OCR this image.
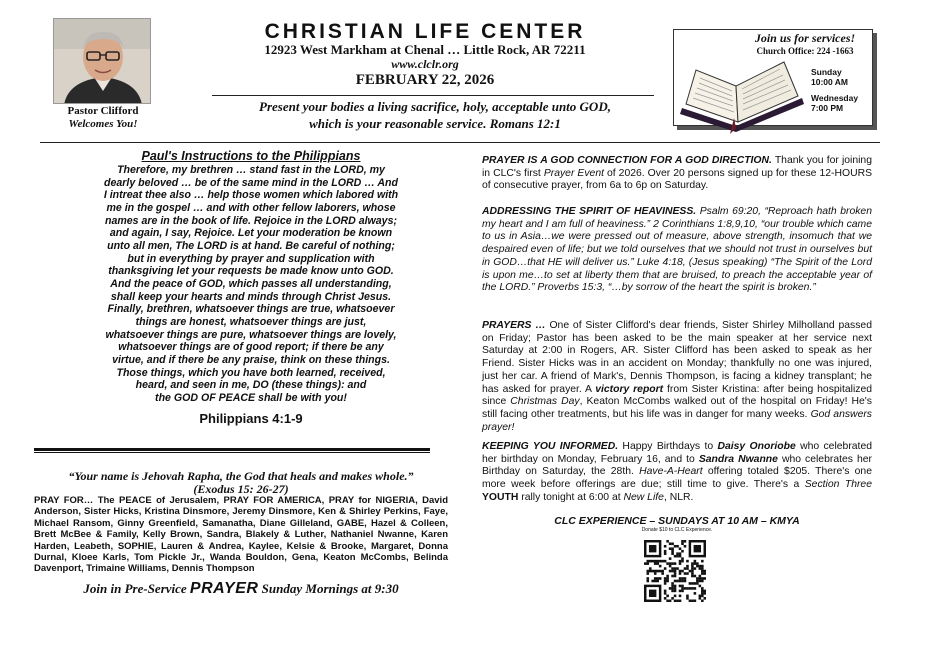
Pastor Clifford
Welcomes You!
CHRISTIAN LIFE CENTER
12923 West Markham at Chenal … Little Rock, AR 72211
www.clclr.org
FEBRUARY 22, 2026
Present your bodies a living sacrifice, holy, acceptable unto GOD,
which is your reasonable service. Romans 12:1
Join us for services!
Church Office: 224 -1663
Sunday
10:00 AM
Wednesday
7:00 PM
Paul's Instructions to the Philippians
Therefore, my brethren … stand fast in the LORD, my
dearly beloved … be of the same mind in the LORD … And
I intreat thee also … help those women which labored with
me in the gospel … and with other fellow laborers, whose
names are in the book of life. Rejoice in the LORD always;
and again, I say, Rejoice. Let your moderation be known
unto all men, The LORD is at hand. Be careful of nothing;
but in everything by prayer and supplication with
thanksgiving let your requests be made know unto GOD.
And the peace of GOD, which passes all understanding,
shall keep your hearts and minds through Christ Jesus.
Finally, brethren, whatsoever things are true, whatsoever
things are honest, whatsoever things are just,
whatsoever things are pure, whatsoever things are lovely,
whatsoever things are of good report; if there be any
virtue, and if there be any praise, think on these things.
Those things, which you have both learned, received,
heard, and seen in me, DO (these things): and
the GOD OF PEACE shall be with you!
Philippians 4:1-9
“Your name is Jehovah Rapha, the God that heals and makes whole.”
(Exodus 15: 26-27)
PRAY FOR… The PEACE of Jerusalem, PRAY FOR AMERICA, PRAY for NIGERIA, David Anderson, Sister Hicks, Kristina Dinsmore, Jeremy Dinsmore, Ken & Shirley Perkins, Faye, Michael Ransom, Ginny Greenfield, Samanatha, Diane Gilleland, GABE, Hazel & Colleen, Brett McBee & Family, Kelly Brown, Sandra, Blakely & Luther, Nathaniel Nwanne, Karen Harden, Leabeth, SOPHIE, Lauren & Andrea, Kaylee, Kelsie & Brooke, Margaret, Donna Durnal, Kloee Karls, Tom Pickle Jr., Wanda Bouldon, Gena, Keaton McCombs, Belinda Davenport, Trimaine Williams, Dennis Thompson
Join in Pre-Service PRAYER Sunday Mornings at 9:30
PRAYER IS A GOD CONNECTION FOR A GOD DIRECTION. Thank you for joining in CLC's first Prayer Event of 2026. Over 20 persons signed up for these 12-HOURS of consecutive prayer, from 6a to 6p on Saturday.
ADDRESSING THE SPIRIT OF HEAVINESS. Psalm 69:20, “Reproach hath broken my heart and I am full of heaviness.” 2 Corinthians 1:8,9,10, “our trouble which came to us in Asia…we were pressed out of measure, above strength, insomuch that we despaired even of life; but we told ourselves that we should not trust in ourselves but in GOD…that HE will deliver us.” Luke 4:18, (Jesus speaking) “The Spirit of the Lord is upon me…to set at liberty them that are bruised, to preach the acceptable year of the LORD.” Proverbs 15:3, “…by sorrow of the heart the spirit is broken.”
PRAYERS … One of Sister Clifford's dear friends, Sister Shirley Milholland passed on Friday; Pastor has been asked to be the main speaker at her service next Saturday at 2:00 in Rogers, AR. Sister Clifford has been asked to speak as her Friend. Sister Hicks was in an accident on Monday; thankfully no one was injured, just her car. A friend of Mark's, Dennis Thompson, is facing a kidney transplant; he has asked for prayer. A victory report from Sister Kristina: after being hospitalized since Christmas Day, Keaton McCombs walked out of the hospital on Friday! He's still facing other treatments, but his life was in danger for many weeks. God answers prayer!
KEEPING YOU INFORMED. Happy Birthdays to Daisy Onoriobe who celebrated her birthday on Monday, February 16, and to Sandra Nwanne who celebrates her Birthday on Saturday, the 28th. Have-A-Heart offering totaled $205. There's one more week before offerings are due; still time to give. There's a Section Three YOUTH rally tonight at 6:00 at New Life, NLR.
CLC EXPERIENCE – SUNDAYS AT 10 AM – KMYA
Donate $10 to CLC Experience.
